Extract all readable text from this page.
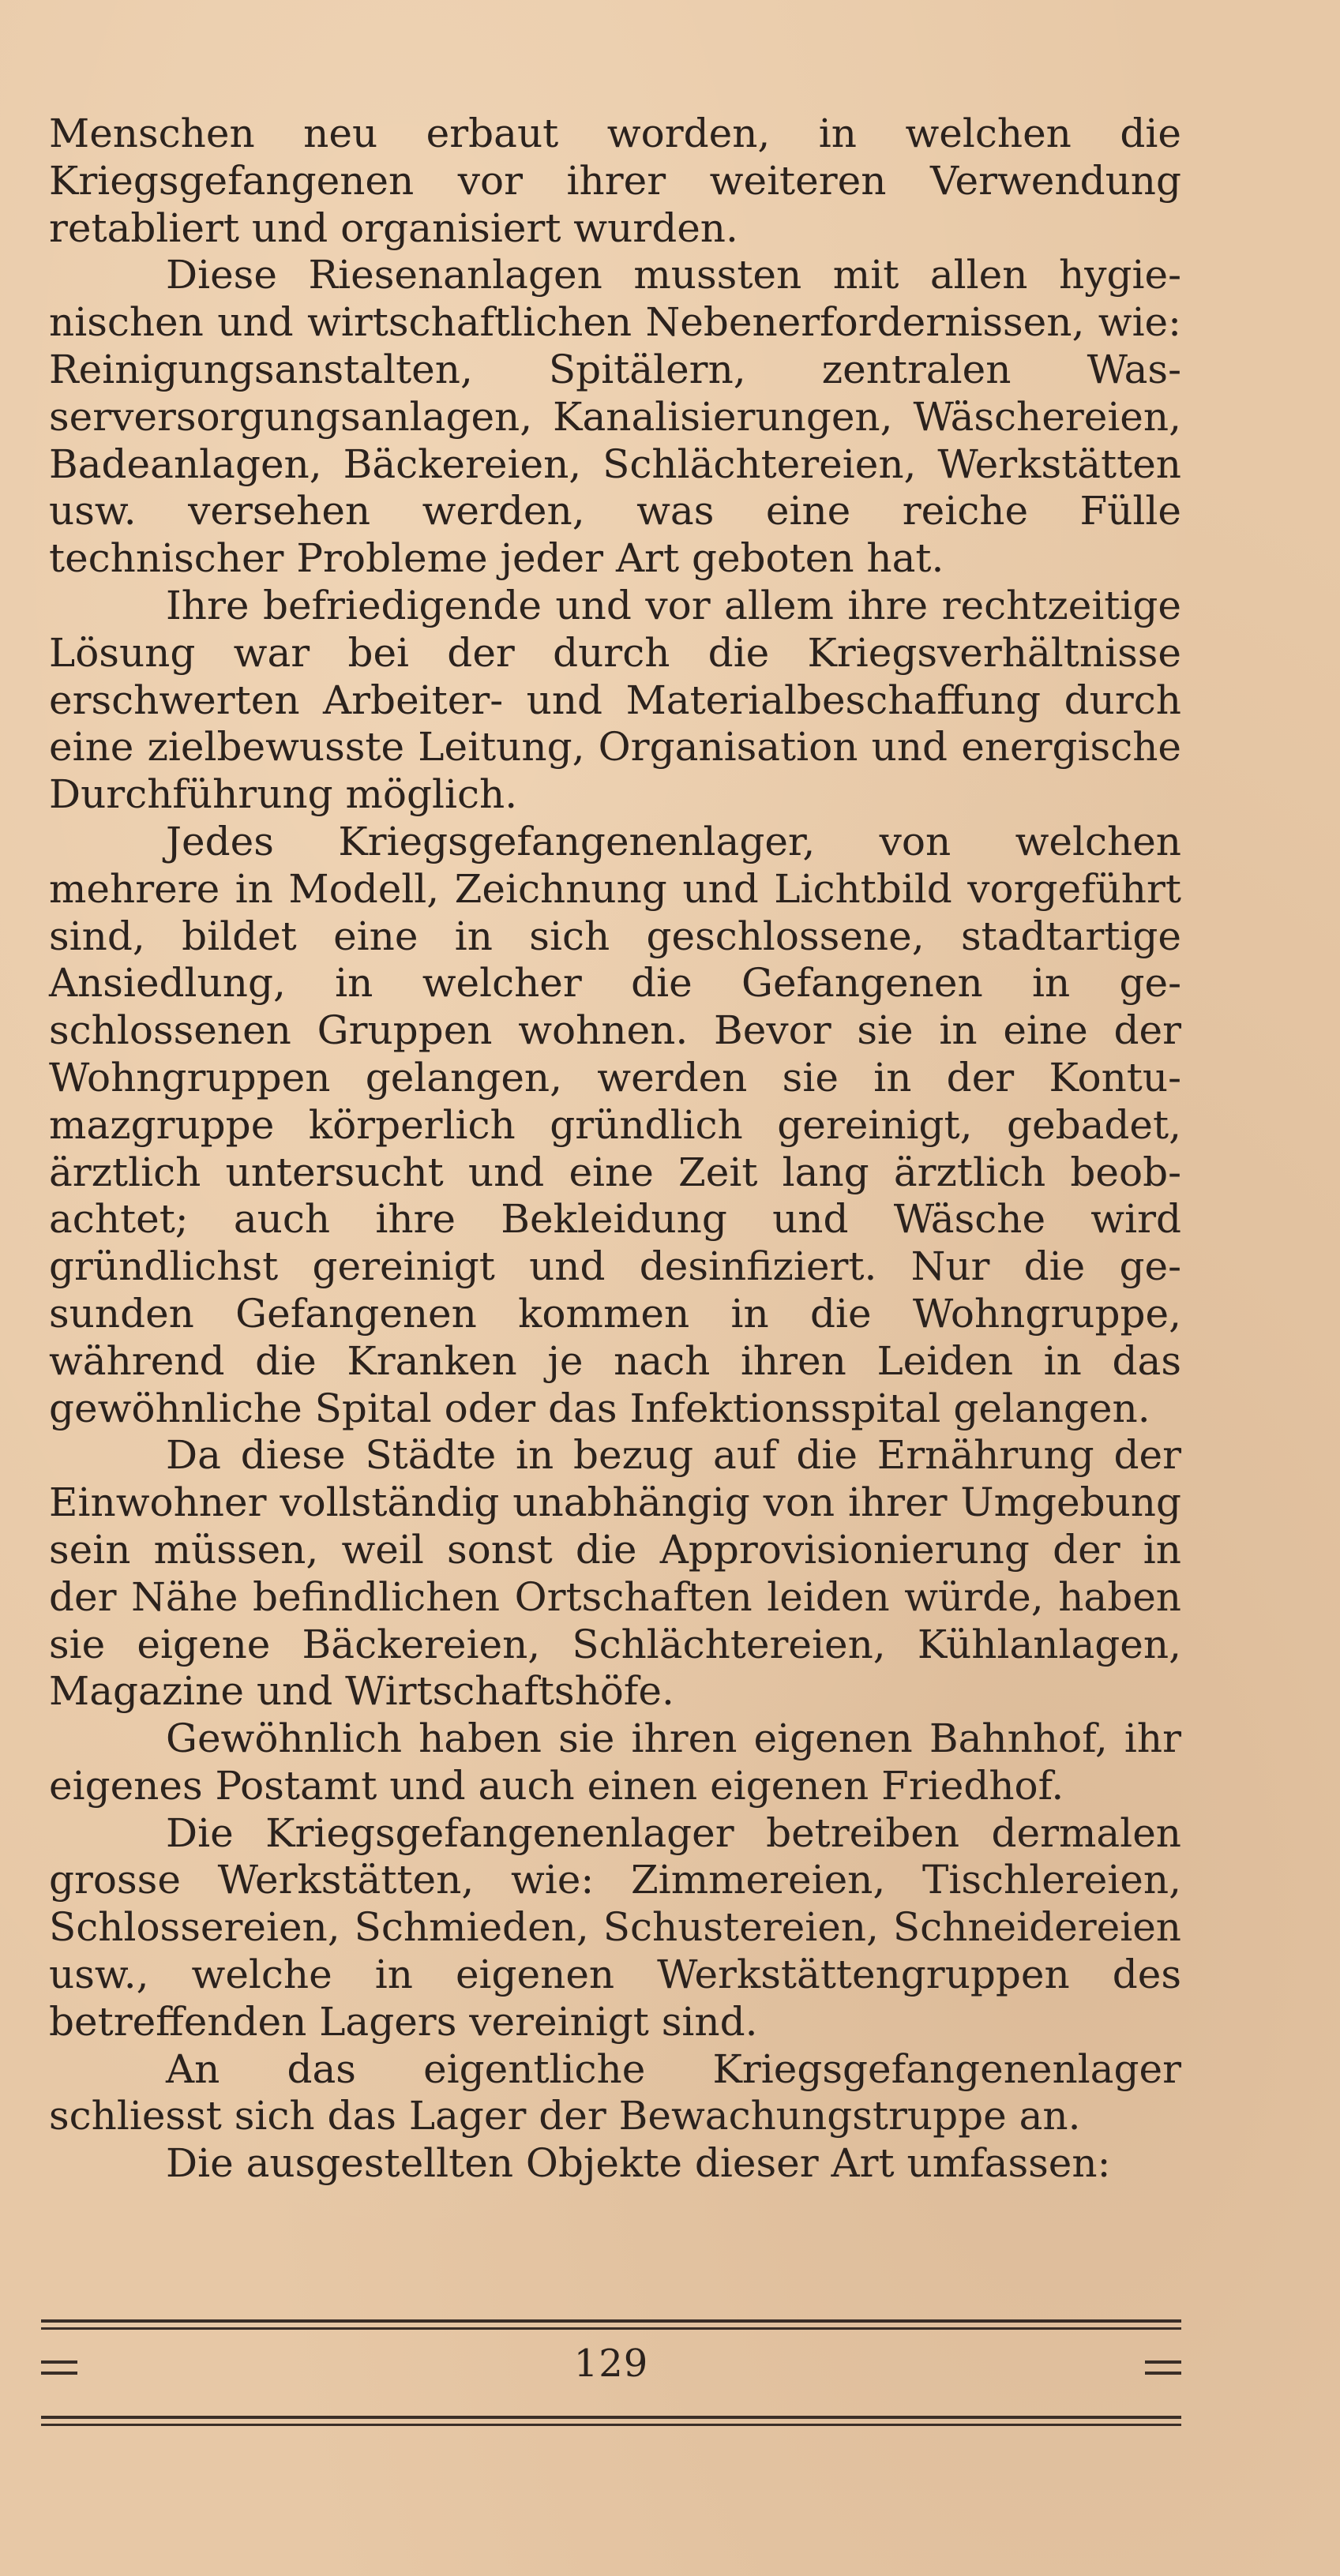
Menschen neu erbaut worden, in welchen die Kriegsgefangenen vor ihrer weiteren Verwendung retabliert und organisiert wurden.

Diese Riesenanlagen mussten mit allen hygienischen und wirtschaftlichen Nebenerfordernissen, wie: Reinigungsanstalten, Spitälern, zentralen Wasserversorgungsanlagen, Kanalisierungen, Wäschereien, Badeanlagen, Bäckereien, Schlächtereien, Werkstätten usw. versehen werden, was eine reiche Fülle technischer Probleme jeder Art geboten hat.

Ihre befriedigende und vor allem ihre rechtzeitige Lösung war bei der durch die Kriegsverhältnisse erschwerten Arbeiter- und Materialbeschaffung durch eine zielbewusste Leitung, Organisation und energische Durchführung möglich.

Jedes Kriegsgefangenenlager, von welchen mehrere in Modell, Zeichnung und Lichtbild vorgeführt sind, bildet eine in sich geschlossene, stadtartige Ansiedlung, in welcher die Gefangenen in geschlossenen Gruppen wohnen. Bevor sie in eine der Wohngruppen gelangen, werden sie in der Kontumazgruppe körperlich gründlich gereinigt, gebadet, ärztlich untersucht und eine Zeit lang ärztlich beobachtet; auch ihre Bekleidung und Wäsche wird gründlichst gereinigt und desinfiziert. Nur die gesunden Gefangenen kommen in die Wohngruppe, während die Kranken je nach ihren Leiden in das gewöhnliche Spital oder das Infektionsspital gelangen.

Da diese Städte in bezug auf die Ernährung der Einwohner vollständig unabhängig von ihrer Umgebung sein müssen, weil sonst die Approvisionierung der in der Nähe befindlichen Ortschaften leiden würde, haben sie eigene Bäckereien, Schlächtereien, Kühlanlagen, Magazine und Wirtschaftshöfe.

Gewöhnlich haben sie ihren eigenen Bahnhof, ihr eigenes Postamt und auch einen eigenen Friedhof.

Die Kriegsgefangenenlager betreiben dermalen grosse Werkstätten, wie: Zimmereien, Tischlereien, Schlossereien, Schmieden, Schustereien, Schneidereien usw., welche in eigenen Werkstättengruppen des betreffenden Lagers vereinigt sind.

An das eigentliche Kriegsgefangenenlager schliesst sich das Lager der Bewachungstruppe an.

Die ausgestellten Objekte dieser Art umfassen:

129
